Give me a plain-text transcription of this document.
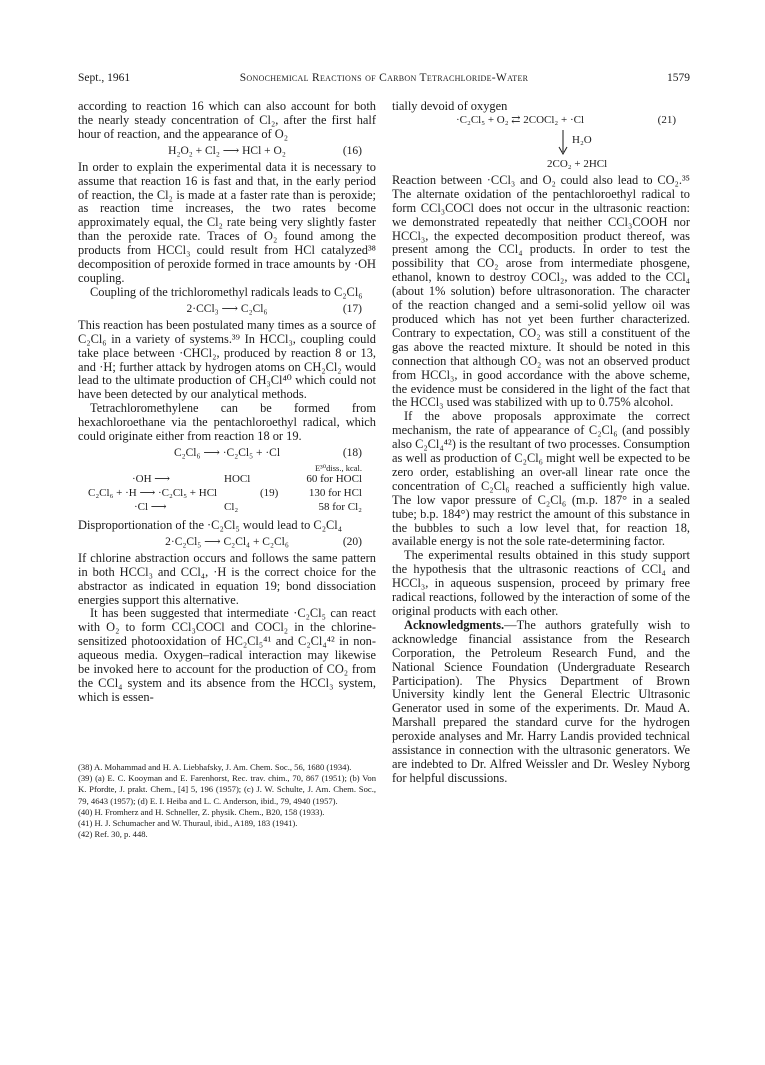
Sept., 1961	Sonochemical Reactions of Carbon Tetrachloride-Water	1579

according to reaction 16 which can also account for both the nearly steady concentration of Cl₂, after the first half hour of reaction, and the appearance of O₂

H₂O₂ + Cl₂ ⟶ HCl + O₂	(16)

In order to explain the experimental data it is necessary to assume that reaction 16 is fast and that, in the early period of reaction, the Cl₂ is made at a faster rate than is peroxide; as reaction time increases, the two rates become approximately equal, the Cl₂ rate being very slightly faster than the peroxide rate. Traces of O₂ found among the products from HCCl₃ could result from HCl catalyzed³⁸ decomposition of peroxide formed in trace amounts by ·OH coupling.

Coupling of the trichloromethyl radicals leads to C₂Cl₆

2·CCl₃ ⟶ C₂Cl₆	(17)

This reaction has been postulated many times as a source of C₂Cl₆ in a variety of systems.³⁹ In HCCl₃, coupling could take place between ·CHCl₂, produced by reaction 8 or 13, and ·H; further attack by hydrogen atoms on CH₂Cl₂ would lead to the ultimate production of CH₃Cl⁴⁰ which could not have been detected by our analytical methods.

Tetrachloromethylene can be formed from hexachloroethane via the pentachloroethyl radical, which could originate either from reaction 18 or 19.

C₂Cl₆ ⟶ ·C₂Cl₅ + ·Cl	(18)
E³⁰diss., kcal.
·OH ⟶	HOCl	60 for HOCl
C₂Cl₆ + ·H ⟶ ·C₂Cl₅ + HCl	(19)	130 for HCl
·Cl ⟶	Cl₂	58 for Cl₂

Disproportionation of the ·C₂Cl₅ would lead to C₂Cl₄

2·C₂Cl₅ ⟶ C₂Cl₄ + C₂Cl₆	(20)

If chlorine abstraction occurs and follows the same pattern in both HCCl₃ and CCl₄, ·H is the correct choice for the abstractor as indicated in equation 19; bond dissociation energies support this alternative.

It has been suggested that intermediate ·C₂Cl₅ can react with O₂ to form CCl₃COCl and COCl₂ in the chlorine-sensitized photooxidation of HC₂Cl₅⁴¹ and C₂Cl₄⁴² in non-aqueous media. Oxygen–radical interaction may likewise be invoked here to account for the production of CO₂ from the CCl₄ system and its absence from the HCCl₃ system, which is essen-

(38) A. Mohammad and H. A. Liebhafsky, J. Am. Chem. Soc., 56, 1680 (1934).

(39) (a) E. C. Kooyman and E. Farenhorst, Rec. trav. chim., 70, 867 (1951); (b) Von K. Pfordte, J. prakt. Chem., [4] 5, 196 (1957); (c) J. W. Schulte, J. Am. Chem. Soc., 79, 4643 (1957); (d) E. I. Heiba and L. C. Anderson, ibid., 79, 4940 (1957).

(40) H. Fromherz and H. Schneller, Z. physik. Chem., B20, 158 (1933).

(41) H. J. Schumacher and W. Thuraul, ibid., A189, 183 (1941).

(42) Ref. 30, p. 448.

tially devoid of oxygen

·C₂Cl₅ + O₂ ⇄ 2COCl₂ + ·Cl	(21)
H₂O
2CO₂ + 2HCl

Reaction between ·CCl₃ and O₂ could also lead to CO₂.³⁵ The alternate oxidation of the pentachloroethyl radical to form CCl₃COCl does not occur in the ultrasonic reaction: we demonstrated repeatedly that neither CCl₃COOH nor HCCl₃, the expected decomposition product thereof, was present among the CCl₄ products. In order to test the possibility that CO₂ arose from intermediate phosgene, ethanol, known to destroy COCl₂, was added to the CCl₄ (about 1% solution) before ultrasonoration. The character of the reaction changed and a semi-solid yellow oil was produced which has not yet been further characterized. Contrary to expectation, CO₂ was still a constituent of the gas above the reacted mixture. It should be noted in this connection that although CO₂ was not an observed product from HCCl₃, in good accordance with the above scheme, the evidence must be considered in the light of the fact that the HCCl₃ used was stabilized with up to 0.75% alcohol.

If the above proposals approximate the correct mechanism, the rate of appearance of C₂Cl₆ (and possibly also C₂Cl₄⁴²) is the resultant of two processes. Consumption as well as production of C₂Cl₆ might well be expected to be zero order, establishing an over-all linear rate once the concentration of C₂Cl₆ reached a sufficiently high value. The low vapor pressure of C₂Cl₆ (m.p. 187° in a sealed tube; b.p. 184°) may restrict the amount of this substance in the bubbles to such a low level that, for reaction 18, available energy is not the sole rate-determining factor.

The experimental results obtained in this study support the hypothesis that the ultrasonic reactions of CCl₄ and HCCl₃, in aqueous suspension, proceed by primary free radical reactions, followed by the interaction of some of the original products with each other.

Acknowledgments.—The authors gratefully wish to acknowledge financial assistance from the Research Corporation, the Petroleum Research Fund, and the National Science Foundation (Undergraduate Research Participation). The Physics Department of Brown University kindly lent the General Electric Ultrasonic Generator used in some of the experiments. Dr. Maud A. Marshall prepared the standard curve for the hydrogen peroxide analyses and Mr. Harry Landis provided technical assistance in connection with the ultrasonic generators. We are indebted to Dr. Alfred Weissler and Dr. Wesley Nyborg for helpful discussions.
